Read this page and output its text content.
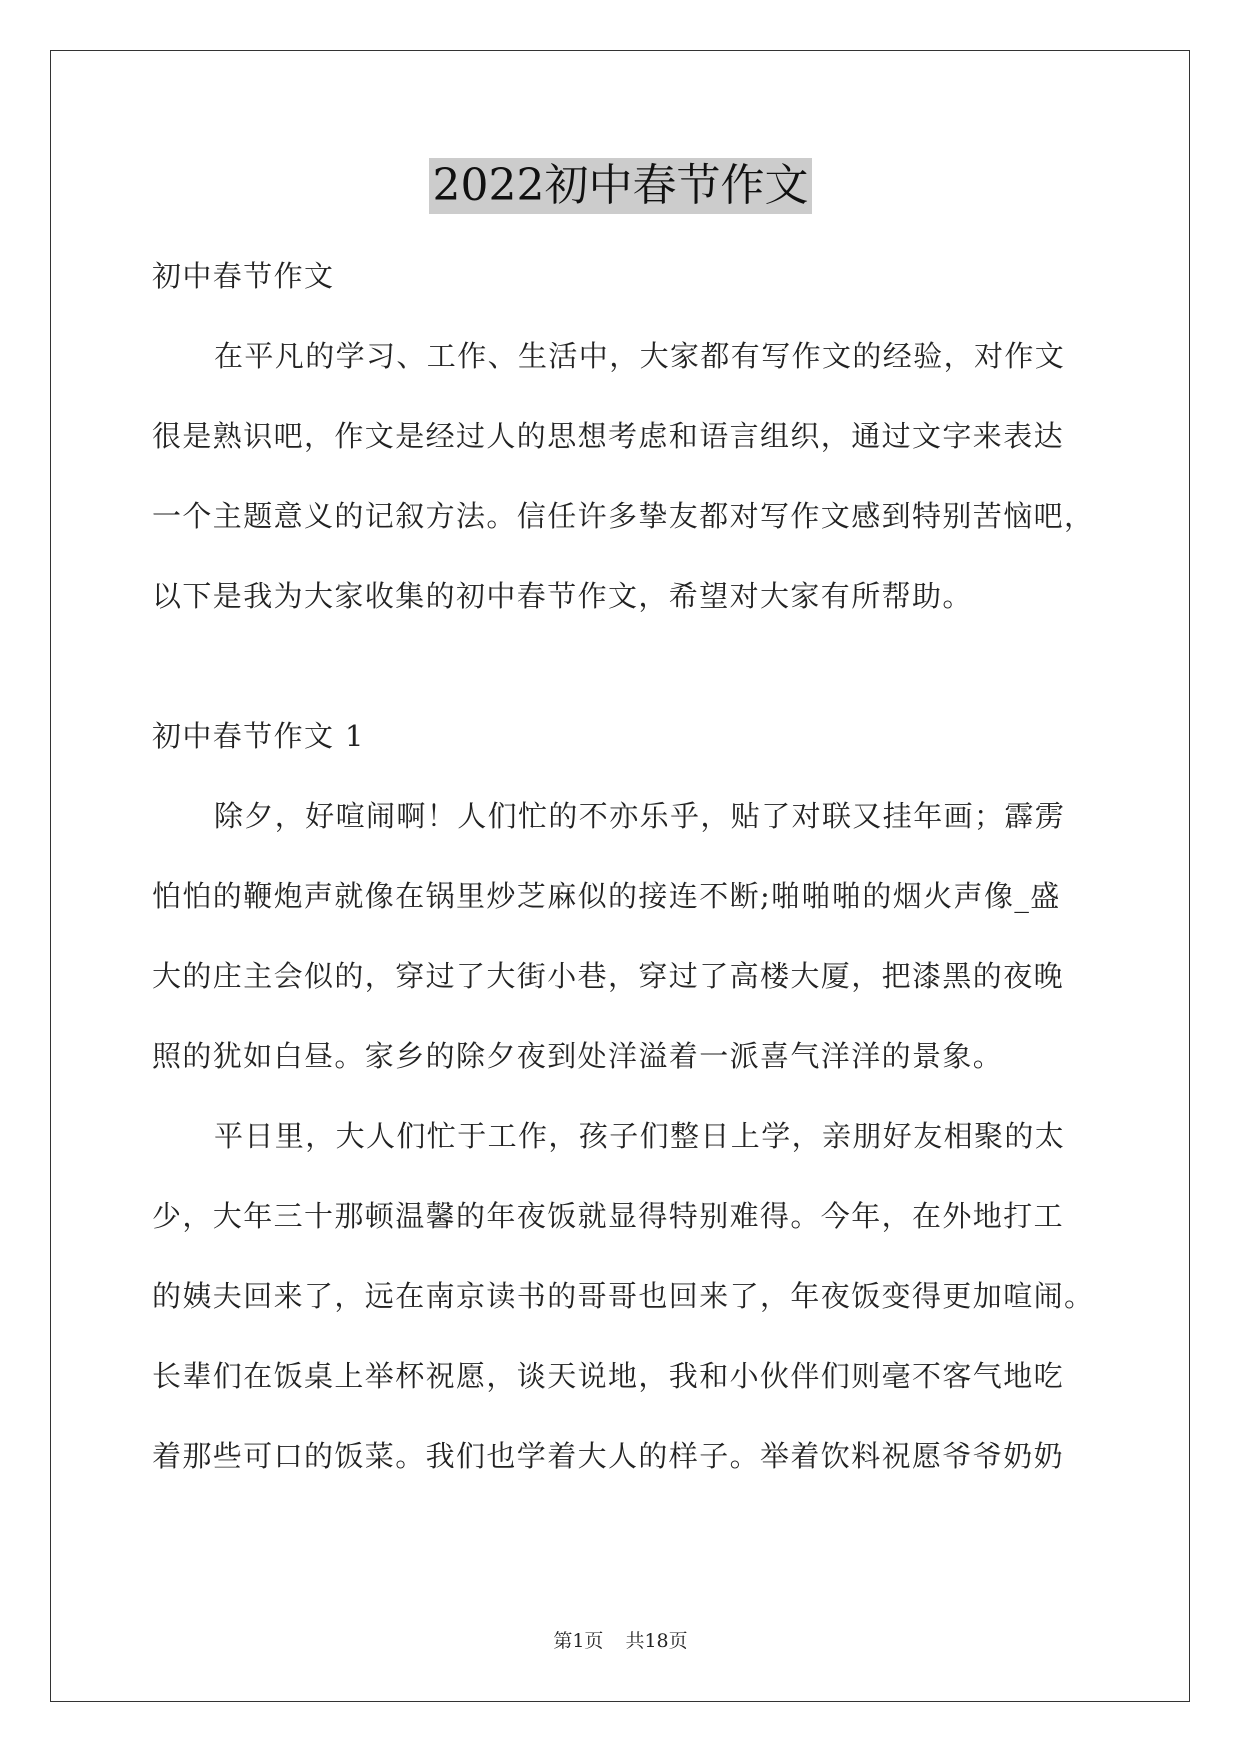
2022初中春节作文
初中春节作文
在平凡的学习、工作、生活中，大家都有写作文的经验，对作文
很是熟识吧，作文是经过人的思想考虑和语言组织，通过文字来表达
一个主题意义的记叙方法。信任许多挚友都对写作文感到特别苦恼吧，
以下是我为大家收集的初中春节作文，希望对大家有所帮助。
初中春节作文 1
除夕，好喧闹啊！人们忙的不亦乐乎，贴了对联又挂年画；霹雳
怕怕的鞭炮声就像在锅里炒芝麻似的接连不断;啪啪啪的烟火声像_盛
大的庄主会似的，穿过了大街小巷，穿过了高楼大厦，把漆黑的夜晚
照的犹如白昼。家乡的除夕夜到处洋溢着一派喜气洋洋的景象。
平日里，大人们忙于工作，孩子们整日上学，亲朋好友相聚的太
少，大年三十那顿温馨的年夜饭就显得特别难得。今年，在外地打工
的姨夫回来了，远在南京读书的哥哥也回来了，年夜饭变得更加喧闹。
长辈们在饭桌上举杯祝愿，谈天说地，我和小伙伴们则毫不客气地吃
着那些可口的饭菜。我们也学着大人的样子。举着饮料祝愿爷爷奶奶
第1页 共18页
